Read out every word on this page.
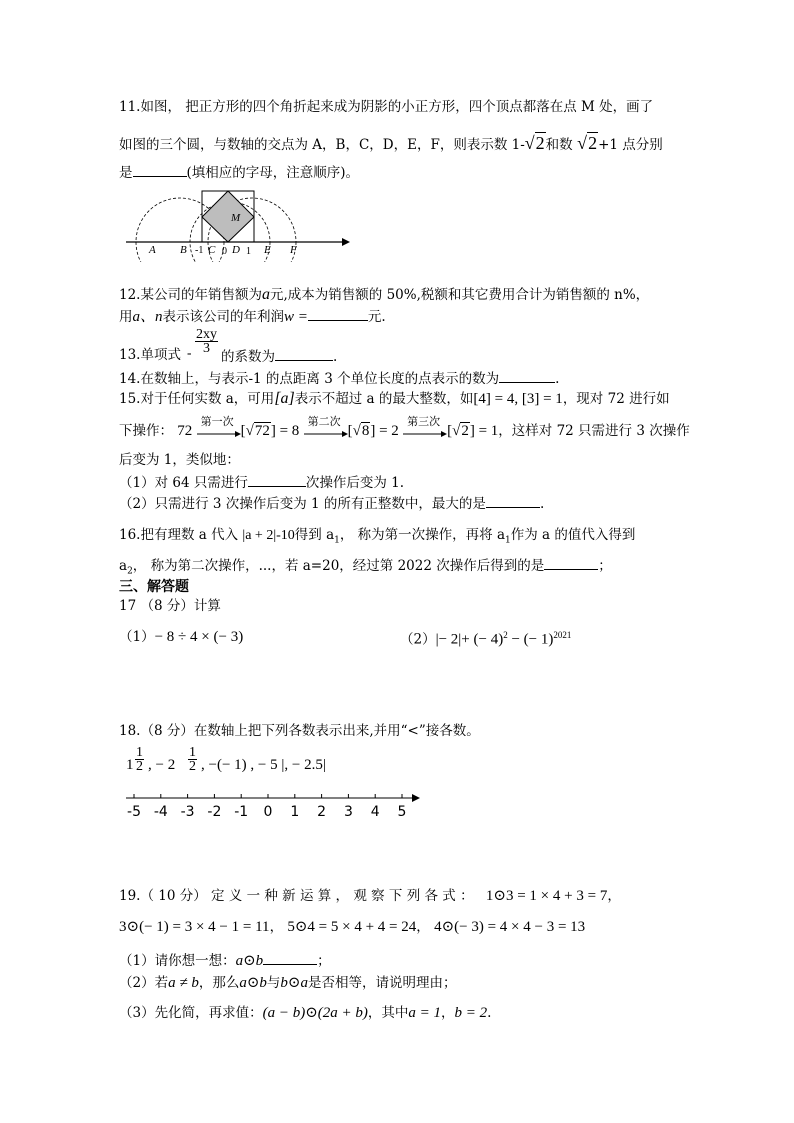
11.如图， 把正方形的四个角折起来成为阴影的小正方形，四个顶点都落在点 M 处，画了
如图的三个圆，与数轴的交点为 A，B，C，D，E，F，则表示数 1-√2和数 √2+1 点分别
是	(填相应的字母，注意顺序)。
M
A B -1 C 0 D 1 E F
12.某公司的年销售额为a元,成本为销售额的 50%,税额和其它费用合计为销售额的 n%，
用a、n表示该公司的年利润w =	元.
13.单项式 - $\frac{2xy}{3}$
的系数为	.
14.在数轴上，与表示-1 的点距离 3 个单位长度的点表示的数为	.
15.对于任何实数 a，可用[a]表示不超过 a 的最大整数，如[4] = 4, [3] = 1，现对 72 进行如
下操作： 72
第一次
[√72] = 8
第二次
[√8] = 2
第三次
[√2] = 1，这样对 72 只需进行 3 次操作
后变为 1，类似地：
（1）对 64 只需进行	次操作后变为 1.
（2）只需进行 3 次操作后变为 1 的所有正整数中，最大的是	.
16.把有理数 a 代入 |a + 2|-10得到 $a_1$， 称为第一次操作，再将 $a_1$作为 a 的值代入得到
$a_2$， 称为第二次操作，...，若 a=20，经过第 2022 次操作后得到的是	；
三、解答题
17 （8 分）计算
（1）− 8 ÷ 4 × (− 3)	（2）|− 2|+ (− 4)$^2$ − (− 1)$^{2021}$
18.（8 分）在数轴上把下列各数表示出来,并用“<”接各数。
$1 \frac{1}{2}$ , − $2 \frac{1}{2}$ , −(− 1) , − 5 |, − 2.5|
-5 -4 -3 -2 -1 0 1 2 3 4 5
19.（ 10 分） 定 义 一 种 新 运 算 ， 观 察 下 列 各 式 ： 1⊙3 = 1 × 4 + 3 = 7，
3⊙(− 1) = 3 × 4 − 1 = 11， 5⊙4 = 5 × 4 + 4 = 24， 4⊙(− 3) = 4 × 4 − 3 = 13
（1）请你想一想：a⊙b	；
（2）若a ≠ b，那么a⊙b与b⊙a是否相等，请说明理由；
（3）先化简，再求值：(a − b)⊙(2a + b)，其中a = 1，b = 2.
